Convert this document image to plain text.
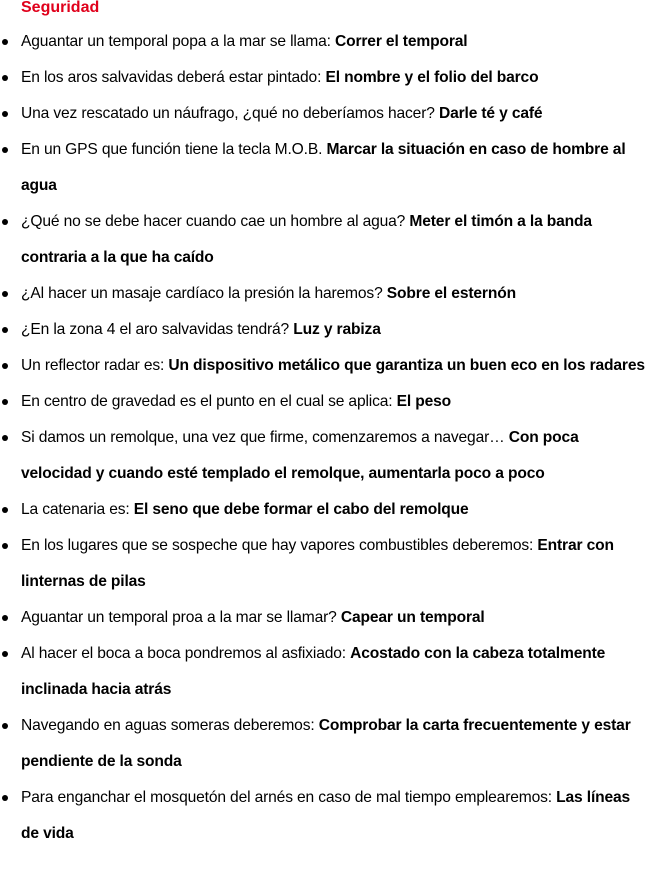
Seguridad
Aguantar un temporal popa a la mar se llama: Correr el temporal
En los aros salvavidas deberá estar pintado: El nombre y el folio del barco
Una vez rescatado un náufrago, ¿qué no deberíamos hacer? Darle té y café
En un GPS que función tiene la tecla M.O.B. Marcar la situación en caso de hombre al agua
¿Qué no se debe hacer cuando cae un hombre al agua? Meter el timón a la banda contraria a la que ha caído
¿Al hacer un masaje cardíaco la presión la haremos? Sobre el esternón
¿En la zona 4 el aro salvavidas tendrá? Luz y rabiza
Un reflector radar es: Un dispositivo metálico que garantiza un buen eco en los radares
En centro de gravedad es el punto en el cual se aplica: El peso
Si damos un remolque, una vez que firme, comenzaremos a navegar… Con poca velocidad y cuando esté templado el remolque, aumentarla poco a poco
La catenaria es: El seno que debe formar el cabo del remolque
En los lugares que se sospeche que hay vapores combustibles deberemos: Entrar con linternas de pilas
Aguantar un temporal proa a la mar se llamar? Capear un temporal
Al hacer el boca a boca pondremos al asfixiado: Acostado con la cabeza totalmente inclinada hacia atrás
Navegando en aguas someras deberemos: Comprobar la carta frecuentemente y estar pendiente de la sonda
Para enganchar el mosquetón del arnés en caso de mal tiempo emplearemos: Las líneas de vida
